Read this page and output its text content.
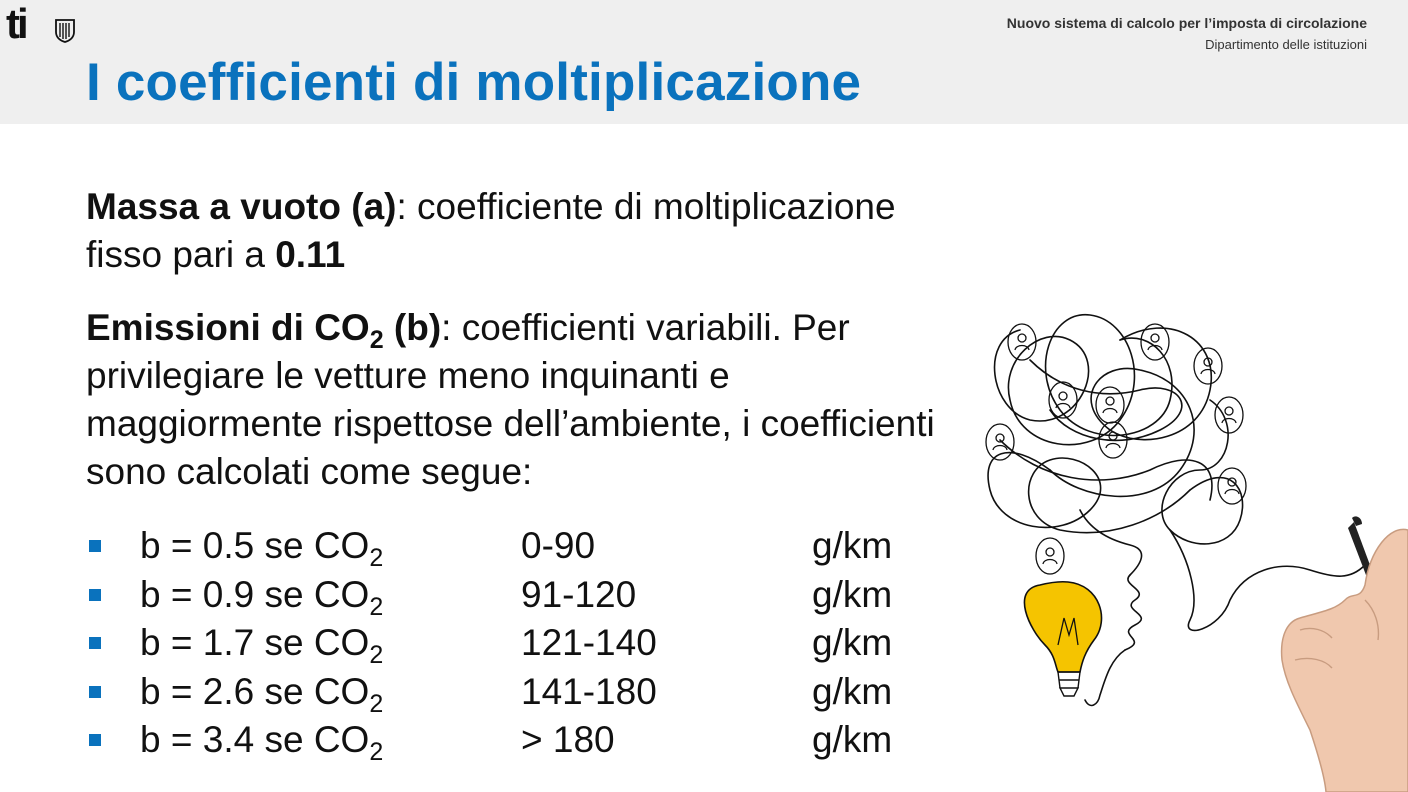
ti	Nuovo sistema di calcolo per l’imposta di circolazione
Dipartimento delle istituzioni
I coefficienti di moltiplicazione

Massa a vuoto (a): coefficiente di moltiplicazione fisso pari a 0.11

Emissioni di $CO_2$ (b): coefficienti variabili. Per privilegiare le vetture meno inquinanti e maggiormente rispettose dell’ambiente, i coefficienti sono calcolati come segue:

b = 0.5 se $CO_2$	0-90	g/km
b = 0.9 se $CO_2$	91-120	g/km
b = 1.7 se $CO_2$	121-140	g/km
b = 2.6 se $CO_2$	141-180	g/km
b = 3.4 se $CO_2$	> 180	g/km
